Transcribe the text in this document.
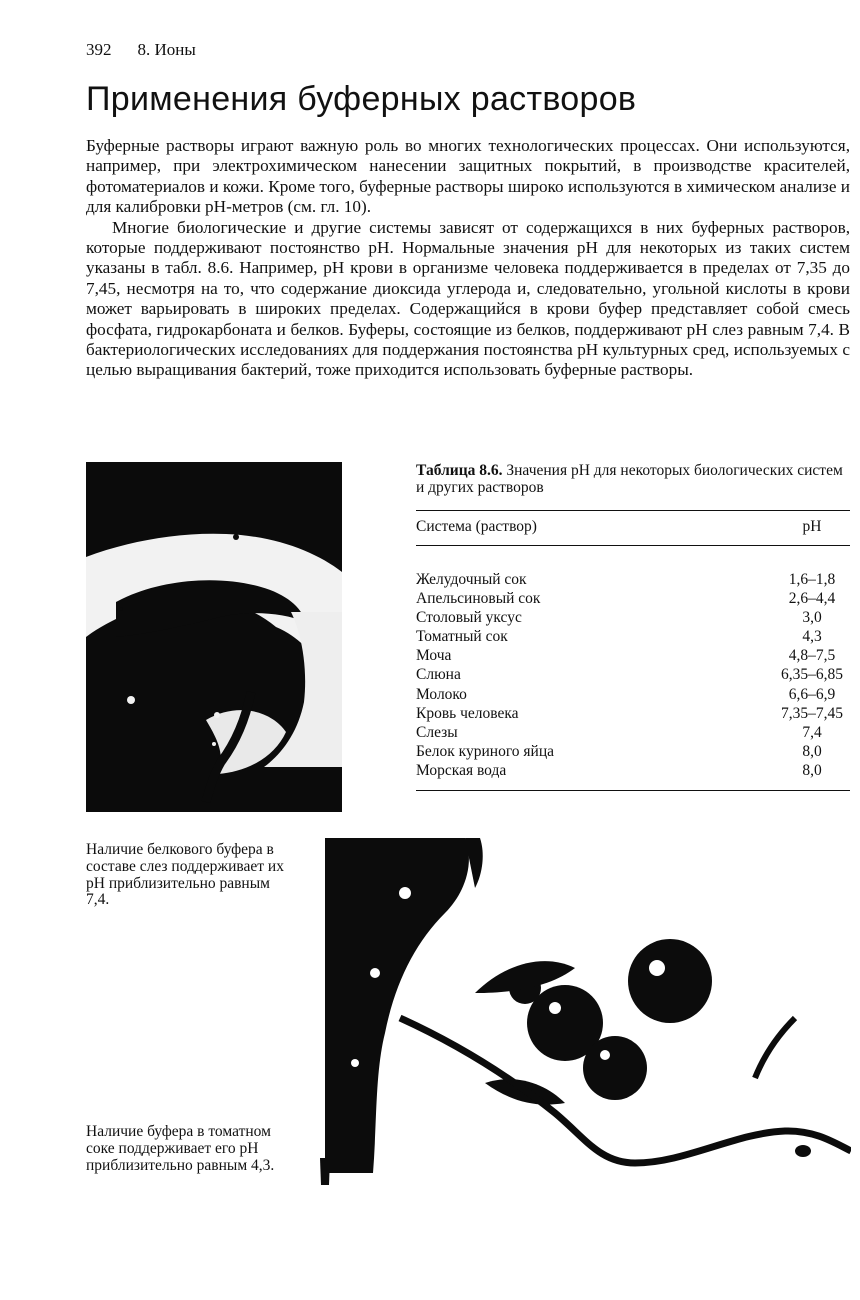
392 8. Ионы
Применения буферных растворов

Буферные растворы играют важную роль во многих технологических процессах. Они используются, например, при электрохимическом нанесении защитных покрытий, в производстве красителей, фотоматериалов и кожи. Кроме того, буферные растворы широко используются в химическом анализе и для калибровки pH-метров (см. гл. 10).

Многие биологические и другие системы зависят от содержащихся в них буферных растворов, которые поддерживают постоянство pH. Нормальные значения pH для некоторых из таких систем указаны в табл. 8.6. Например, pH крови в организме человека поддерживается в пределах от 7,35 до 7,45, несмотря на то, что содержание диоксида углерода и, следовательно, угольной кислоты в крови может варьировать в широких пределах. Содержащийся в крови буфер представляет собой смесь фосфата, гидрокарбоната и белков. Буферы, состоящие из белков, поддерживают pH слез равным 7,4. В бактериологических исследованиях для поддержания постоянства pH культурных сред, используемых с целью выращивания бактерий, тоже приходится использовать буферные растворы.

Таблица 8.6. Значения pH для некоторых биологических систем и других растворов

Система (раствор)	pH
Желудочный сок	1,6–1,8
Апельсиновый сок	2,6–4,4
Столовый уксус	3,0
Томатный сок	4,3
Моча	4,8–7,5
Слюна	6,35–6,85
Молоко	6,6–6,9
Кровь человека	7,35–7,45
Слезы	7,4
Белок куриного яйца	8,0
Морская вода	8,0
Наличие белкового буфера в составе слез поддерживает их pH приблизительно равным 7,4.
Наличие буфера в томатном соке поддерживает его pH приблизительно равным 4,3.
